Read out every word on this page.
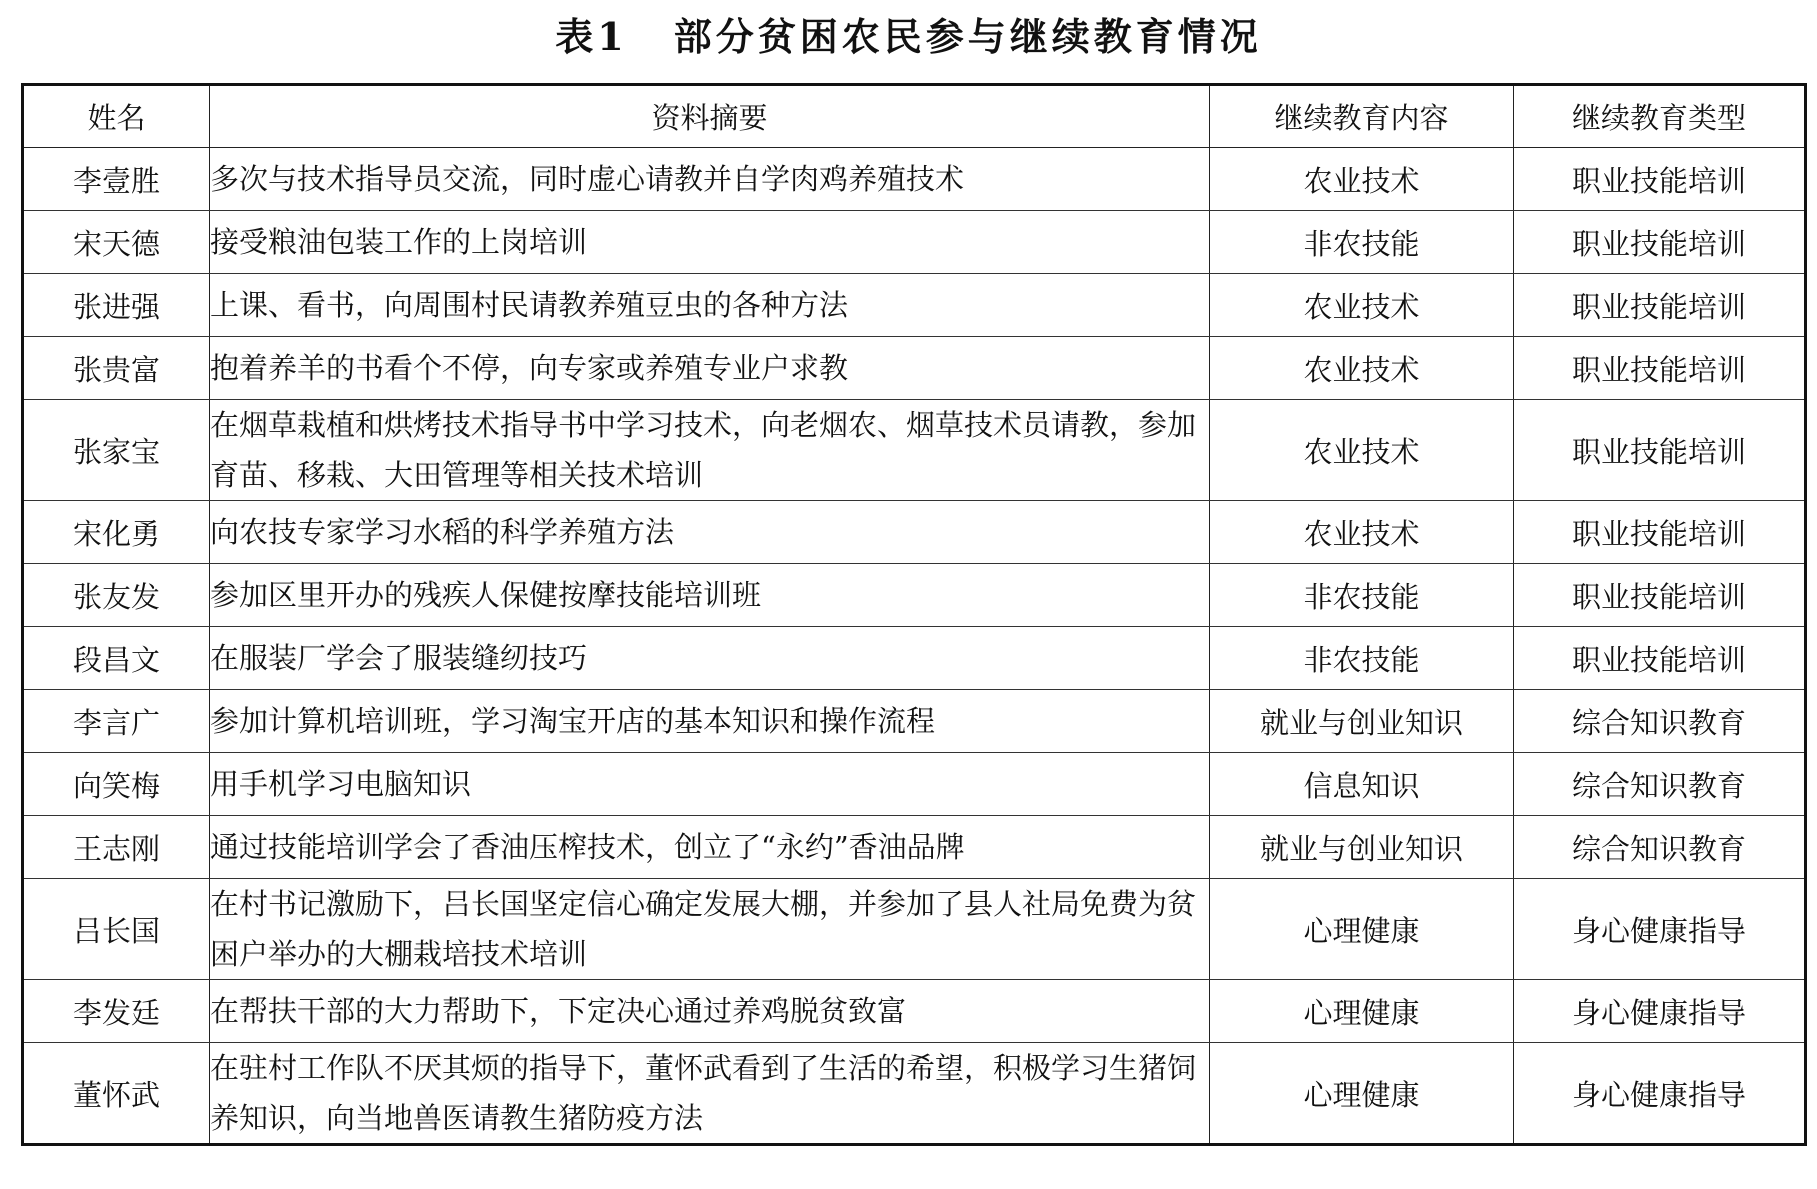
表1 部分贫困农民参与继续教育情况
姓名	资料摘要	继续教育内容	继续教育类型
李壹胜	多次与技术指导员交流，同时虚心请教并自学肉鸡养殖技术	农业技术	职业技能培训
宋天德	接受粮油包装工作的上岗培训	非农技能	职业技能培训
张进强	上课、看书，向周围村民请教养殖豆虫的各种方法	农业技术	职业技能培训
张贵富	抱着养羊的书看个不停，向专家或养殖专业户求教	农业技术	职业技能培训
张家宝	在烟草栽植和烘烤技术指导书中学习技术，向老烟农、烟草技术员请教，参加育苗、移栽、大田管理等相关技术培训	农业技术	职业技能培训
宋化勇	向农技专家学习水稻的科学养殖方法	农业技术	职业技能培训
张友发	参加区里开办的残疾人保健按摩技能培训班	非农技能	职业技能培训
段昌文	在服装厂学会了服装缝纫技巧	非农技能	职业技能培训
李言广	参加计算机培训班，学习淘宝开店的基本知识和操作流程	就业与创业知识	综合知识教育
向笑梅	用手机学习电脑知识	信息知识	综合知识教育
王志刚	通过技能培训学会了香油压榨技术，创立了“永约”香油品牌	就业与创业知识	综合知识教育
吕长国	在村书记激励下，吕长国坚定信心确定发展大棚，并参加了县人社局免费为贫困户举办的大棚栽培技术培训	心理健康	身心健康指导
李发廷	在帮扶干部的大力帮助下，下定决心通过养鸡脱贫致富	心理健康	身心健康指导
董怀武	在驻村工作队不厌其烦的指导下，董怀武看到了生活的希望，积极学习生猪饲养知识，向当地兽医请教生猪防疫方法	心理健康	身心健康指导
